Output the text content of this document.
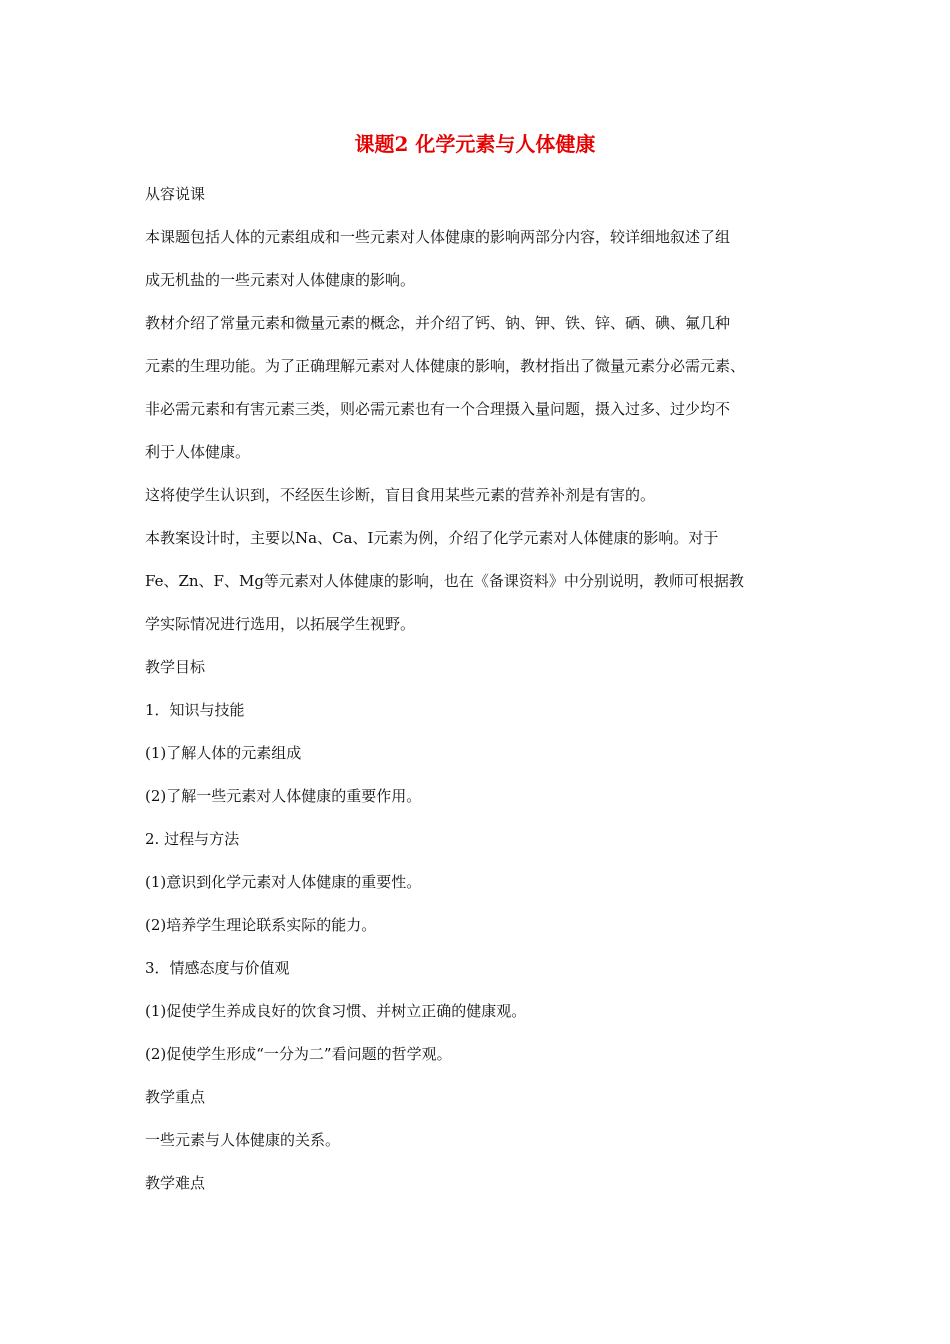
课题2 化学元素与人体健康

从容说课

本课题包括人体的元素组成和一些元素对人体健康的影响两部分内容，较详细地叙述了组

成无机盐的一些元素对人体健康的影响。

教材介绍了常量元素和微量元素的概念，并介绍了钙、钠、钾、铁、锌、硒、碘、氟几种

元素的生理功能。为了正确理解元素对人体健康的影响，教材指出了微量元素分必需元素、

非必需元素和有害元素三类，则必需元素也有一个合理摄入量问题，摄入过多、过少均不

利于人体健康。

这将使学生认识到，不经医生诊断，盲目食用某些元素的营养补剂是有害的。

本教案设计时，主要以Na、Ca、I元素为例，介绍了化学元素对人体健康的影响。对于

Fe、Zn、F、Mg等元素对人体健康的影响，也在《备课资料》中分别说明，教师可根据教

学实际情况进行选用，以拓展学生视野。

教学目标

1．知识与技能

(1)了解人体的元素组成

(2)了解一些元素对人体健康的重要作用。

2. 过程与方法

(1)意识到化学元素对人体健康的重要性。

(2)培养学生理论联系实际的能力。

3．情感态度与价值观

(1)促使学生养成良好的饮食习惯、并树立正确的健康观。

(2)促使学生形成“一分为二”看问题的哲学观。

教学重点

一些元素与人体健康的关系。

教学难点
